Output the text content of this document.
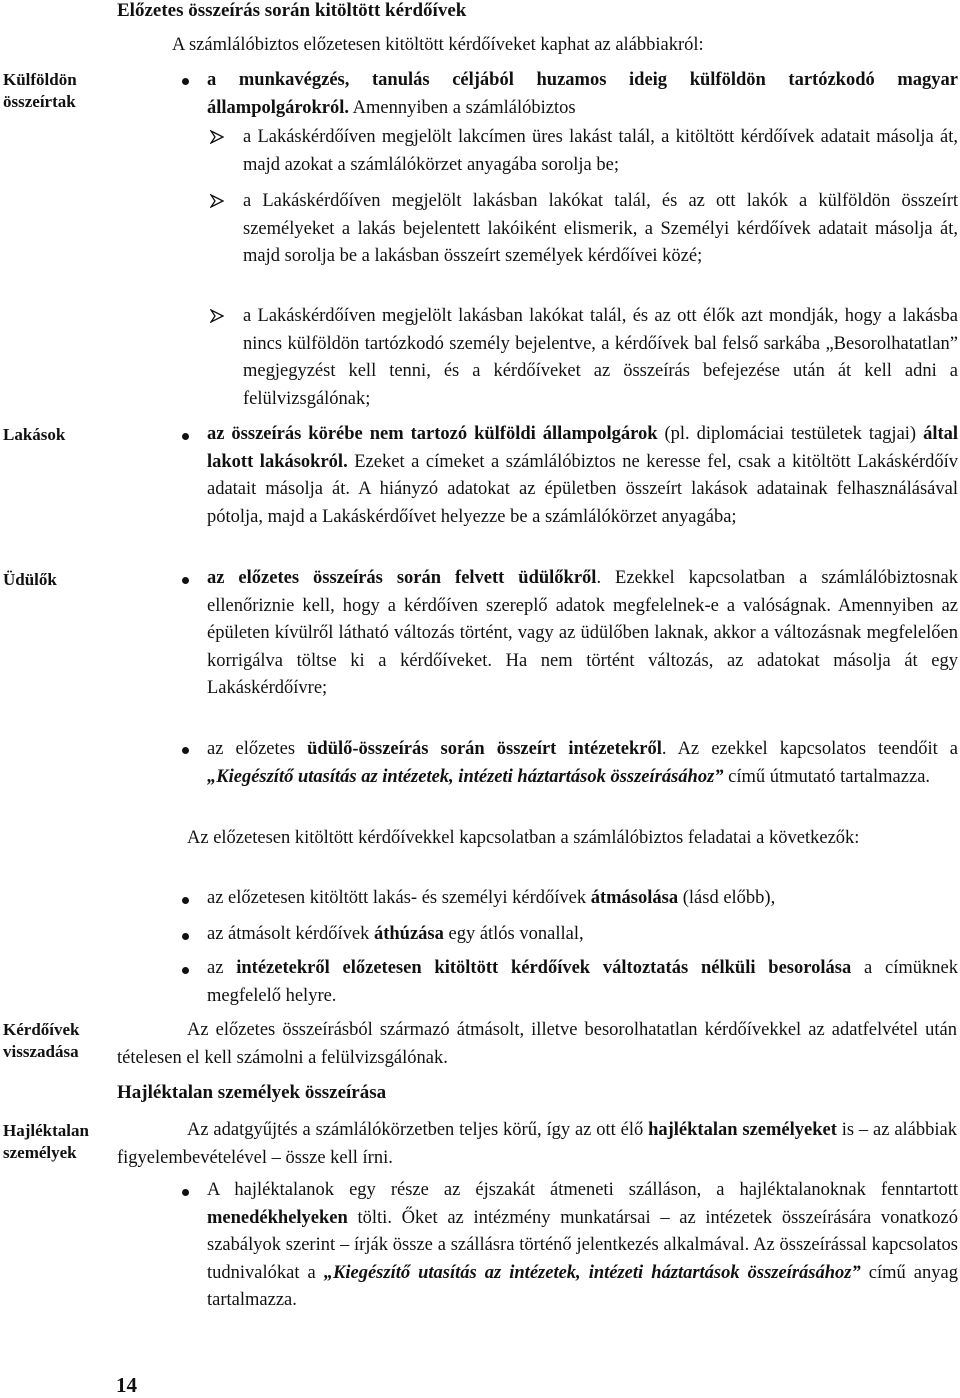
Külföldön összeírtak
Lakások
Üdülők
Kérdőívek visszadása
Hajléktalan személyek
Előzetes összeírás során kitöltött kérdőívek
A számlálóbiztos előzetesen kitöltött kérdőíveket kaphat az alábbiakról:
a munkavégzés, tanulás céljából huzamos ideig külföldön tartózkodó magyar állampolgárokról. Amennyiben a számlálóbiztos
a Lakáskérdőíven megjelölt lakcímen üres lakást talál, a kitöltött kérdőívek adatait másolja át, majd azokat a számlálókörzet anyagába sorolja be;
a Lakáskérdőíven megjelölt lakásban lakókat talál, és az ott lakók a külföldön összeírt személyeket a lakás bejelentett lakóiként elismerik, a Személyi kérdőívek adatait másolja át, majd sorolja be a lakásban összeírt személyek kérdőívei közé;
a Lakáskérdőíven megjelölt lakásban lakókat talál, és az ott élők azt mondják, hogy a lakásba nincs külföldön tartózkodó személy bejelentve, a kérdőívek bal felső sarkába „Besorolhatatlan” megjegyzést kell tenni, és a kérdőíveket az összeírás befejezése után át kell adni a felülvizsgálónak;
az összeírás körébe nem tartozó külföldi állampolgárok (pl. diplomáciai testületek tagjai) által lakott lakásokról. Ezeket a címeket a számlálóbiztos ne keresse fel, csak a kitöltött Lakáskérdőív adatait másolja át. A hiányzó adatokat az épületben összeírt lakások adatainak felhasználásával pótolja, majd a Lakáskérdőívet helyezze be a számlálókörzet anyagába;
az előzetes összeírás során felvett üdülőkről. Ezekkel kapcsolatban a számlálóbiztosnak ellenőriznie kell, hogy a kérdőíven szereplő adatok megfelelnek-e a valóságnak. Amennyiben az épületen kívülről látható változás történt, vagy az üdülőben laknak, akkor a változásnak megfelelően korrigálva töltse ki a kérdőíveket. Ha nem történt változás, az adatokat másolja át egy Lakáskérdőívre;
az előzetes üdülő-összeírás során összeírt intézetekről. Az ezekkel kapcsolatos teendőit a „Kiegészítő utasítás az intézetek, intézeti háztartások összeírásához” című útmutató tartalmazza.
Az előzetesen kitöltött kérdőívekkel kapcsolatban a számlálóbiztos feladatai a következők:
az előzetesen kitöltött lakás- és személyi kérdőívek átmásolása (lásd előbb),
az átmásolt kérdőívek áthúzása egy átlós vonallal,
az intézetekről előzetesen kitöltött kérdőívek változtatás nélküli besorolása a címüknek megfelelő helyre.
Az előzetes összeírásból származó átmásolt, illetve besorolhatatlan kérdőívekkel az adatfelvétel után tételesen el kell számolni a felülvizsgálónak.
Hajléktalan személyek összeírása
Az adatgyűjtés a számlálókörzetben teljes körű, így az ott élő hajléktalan személyeket is – az alábbiak figyelembevételével – össze kell írni.
A hajléktalanok egy része az éjszakát átmeneti szálláson, a hajléktalanoknak fenntartott menedékhelyeken tölti. Őket az intézmény munkatársai – az intézetek összeírására vonatkozó szabályok szerint – írják össze a szállásra történő jelentkezés alkalmával. Az összeírással kapcsolatos tudnivalókat a „Kiegészítő utasítás az intézetek, intézeti háztartások összeírásához” című anyag tartalmazza.
14
